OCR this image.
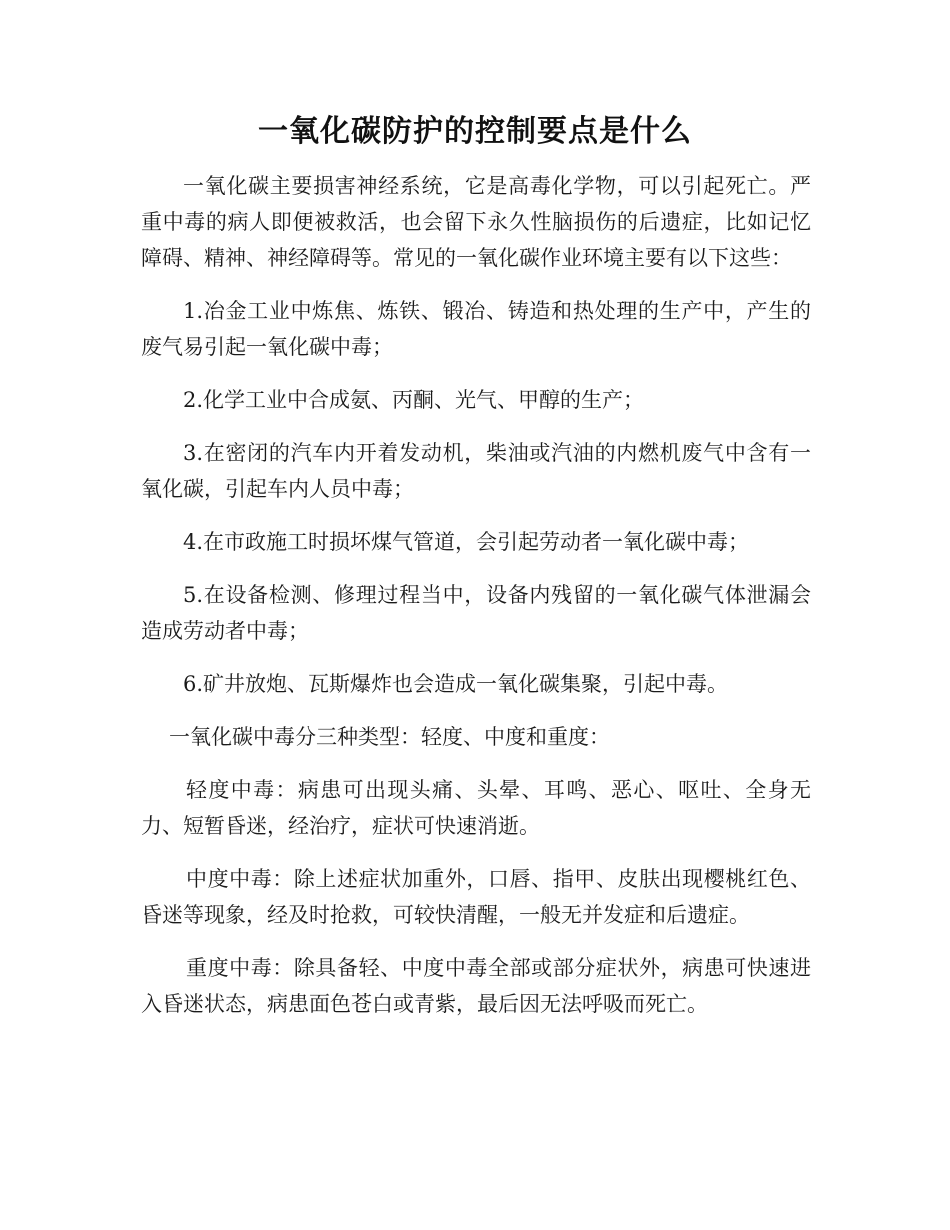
一氧化碳防护的控制要点是什么

一氧化碳主要损害神经系统，它是高毒化学物，可以引起死亡。严重中毒的病人即便被救活，也会留下永久性脑损伤的后遗症，比如记忆障碍、精神、神经障碍等。常见的一氧化碳作业环境主要有以下这些：

1.冶金工业中炼焦、炼铁、锻冶、铸造和热处理的生产中，产生的废气易引起一氧化碳中毒；

2.化学工业中合成氨、丙酮、光气、甲醇的生产；

3.在密闭的汽车内开着发动机，柴油或汽油的内燃机废气中含有一氧化碳，引起车内人员中毒；

4.在市政施工时损坏煤气管道，会引起劳动者一氧化碳中毒；

5.在设备检测、修理过程当中，设备内残留的一氧化碳气体泄漏会造成劳动者中毒；

6.矿井放炮、瓦斯爆炸也会造成一氧化碳集聚，引起中毒。

一氧化碳中毒分三种类型：轻度、中度和重度：

轻度中毒：病患可出现头痛、头晕、耳鸣、恶心、呕吐、全身无力、短暂昏迷，经治疗，症状可快速消逝。

中度中毒：除上述症状加重外，口唇、指甲、皮肤出现樱桃红色、昏迷等现象，经及时抢救，可较快清醒，一般无并发症和后遗症。

重度中毒：除具备轻、中度中毒全部或部分症状外，病患可快速进入昏迷状态，病患面色苍白或青紫，最后因无法呼吸而死亡。
